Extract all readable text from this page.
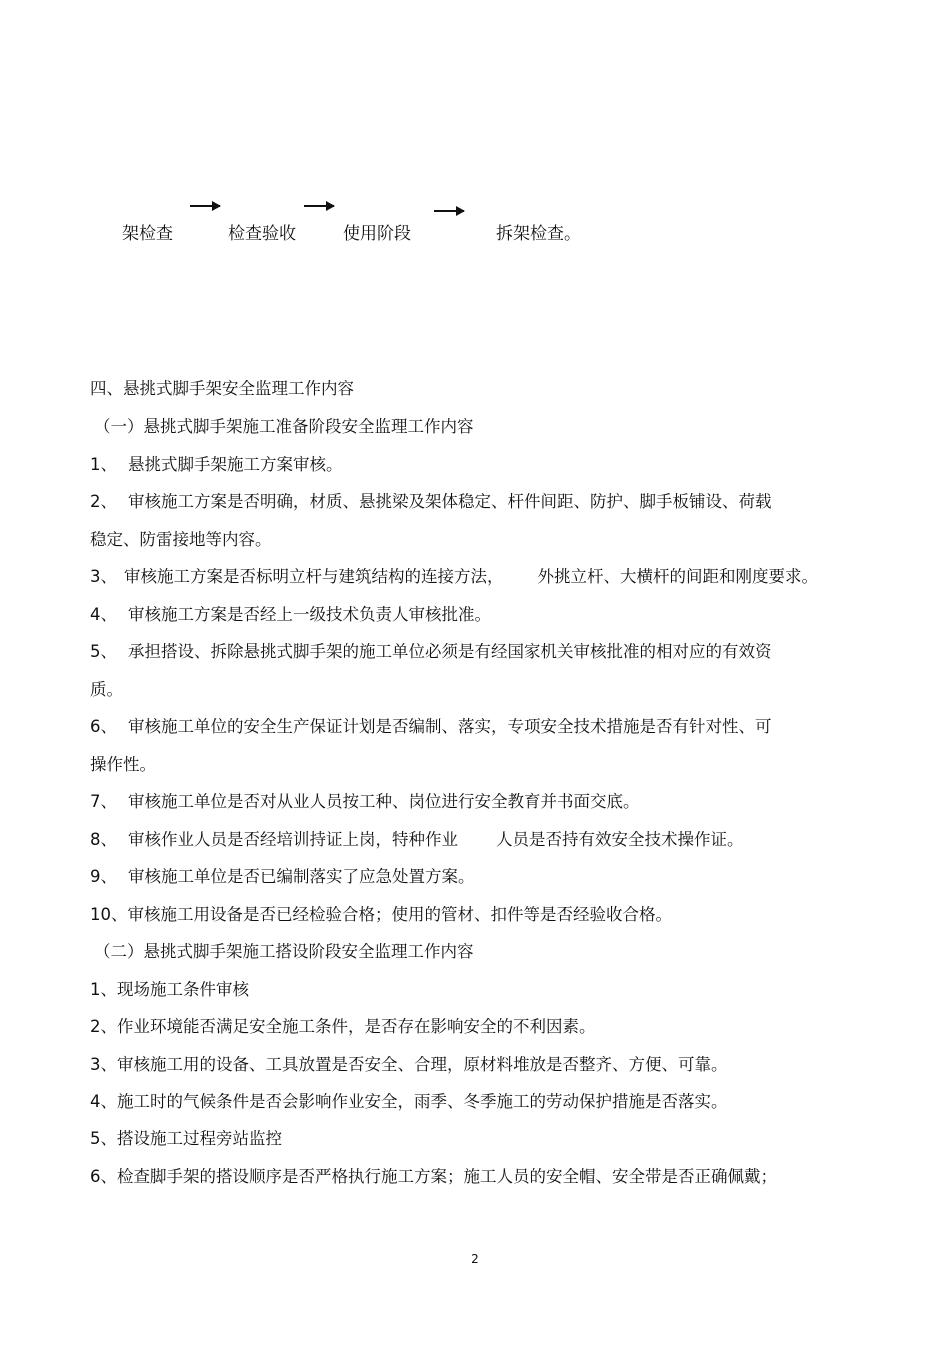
架检查	检查验收	使用阶段	拆架检查。
四、悬挑式脚手架安全监理工作内容
（一）悬挑式脚手架施工准备阶段安全监理工作内容
1、 悬挑式脚手架施工方案审核。
2、 审核施工方案是否明确，材质、悬挑梁及架体稳定、杆件间距、防护、脚手板铺设、荷载
稳定、防雷接地等内容。
3、 审核施工方案是否标明立杆与建筑结构的连接方法， 外挑立杆、大横杆的间距和刚度要求。
4、 审核施工方案是否经上一级技术负责人审核批准。
5、 承担搭设、拆除悬挑式脚手架的施工单位必须是有经国家机关审核批准的相对应的有效资
质。
6、 审核施工单位的安全生产保证计划是否编制、落实，专项安全技术措施是否有针对性、可
操作性。
7、 审核施工单位是否对从业人员按工种、岗位进行安全教育并书面交底。
8、 审核作业人员是否经培训持证上岗，特种作业 人员是否持有效安全技术操作证。
9、 审核施工单位是否已编制落实了应急处置方案。
10、审核施工用设备是否已经检验合格；使用的管材、扣件等是否经验收合格。
（二）悬挑式脚手架施工搭设阶段安全监理工作内容
1、现场施工条件审核
2、作业环境能否满足安全施工条件，是否存在影响安全的不利因素。
3、审核施工用的设备、工具放置是否安全、合理，原材料堆放是否整齐、方便、可靠。
4、施工时的气候条件是否会影响作业安全，雨季、冬季施工的劳动保护措施是否落实。
5、搭设施工过程旁站监控
6、检查脚手架的搭设顺序是否严格执行施工方案；施工人员的安全帽、安全带是否正确佩戴；
2
